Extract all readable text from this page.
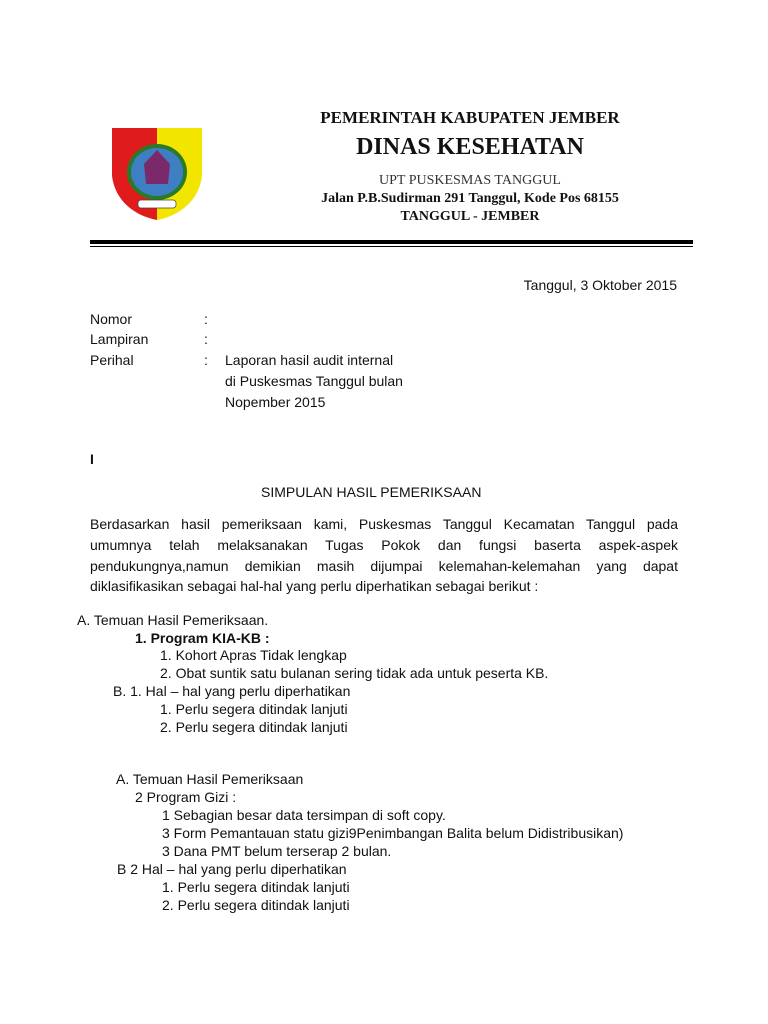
PEMERINTAH KABUPATEN JEMBER
DINAS KESEHATAN
UPT PUSKESMAS TANGGUL
Jalan P.B.Sudirman 291 Tanggul, Kode Pos 68155
TANGGUL - JEMBER
Tanggul, 3 Oktober 2015
Nomor	:
Lampiran	:
Perihal	: Laporan hasil audit internal
di Puskesmas Tanggul bulan
Nopember 2015
I
SIMPULAN HASIL PEMERIKSAAN
Berdasarkan hasil pemeriksaan kami, Puskesmas Tanggul Kecamatan Tanggul pada
umumnya telah melaksanakan Tugas Pokok dan fungsi baserta aspek-aspek
pendukungnya,namun demikian masih dijumpai kelemahan-kelemahan yang dapat
diklasifikasikan sebagai hal-hal yang perlu diperhatikan sebagai berikut :
A. Temuan Hasil Pemeriksaan.
1. Program KIA-KB :
1. Kohort Apras Tidak lengkap
2. Obat suntik satu bulanan sering tidak ada untuk peserta KB.
B. 1. Hal – hal yang perlu diperhatikan
1. Perlu segera ditindak lanjuti
2. Perlu segera ditindak lanjuti
A. Temuan Hasil Pemeriksaan
2 Program Gizi :
1 Sebagian besar data tersimpan di soft copy.
3 Form Pemantauan statu gizi9Penimbangan Balita belum Didistribusikan)
3 Dana PMT belum terserap 2 bulan.
B 2 Hal – hal yang perlu diperhatikan
1. Perlu segera ditindak lanjuti
2. Perlu segera ditindak lanjuti
